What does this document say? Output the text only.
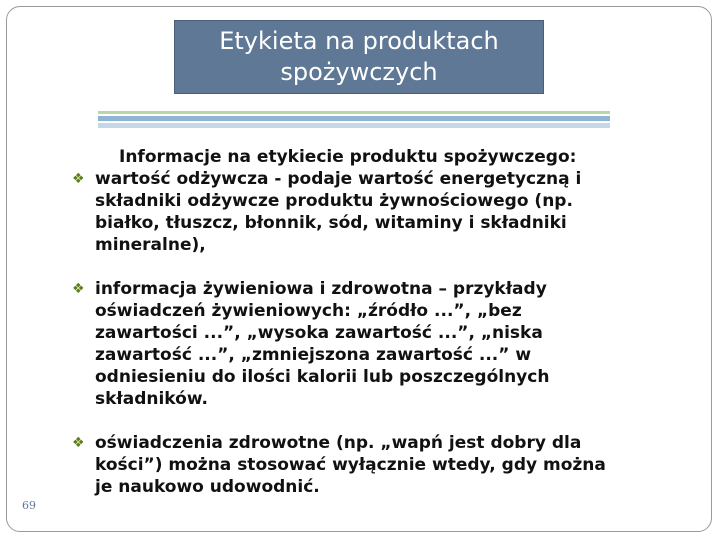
Etykieta na produktach
spożywczych
Informacje na etykiecie produktu spożywczego:
❖ wartość odżywcza - podaje wartość energetyczną i
składniki odżywcze produktu żywnościowego (np.
białko, tłuszcz, błonnik, sód, witaminy i składniki
mineralne),
❖ informacja żywieniowa i zdrowotna – przykłady
oświadczeń żywieniowych: „źródło ...”, „bez
zawartości ...”, „wysoka zawartość ...”, „niska
zawartość ...”, „zmniejszona zawartość ...” w
odniesieniu do ilości kalorii lub poszczególnych
składników.
❖ oświadczenia zdrowotne (np. „wapń jest dobry dla
kości”) można stosować wyłącznie wtedy, gdy można
je naukowo udowodnić.
69
